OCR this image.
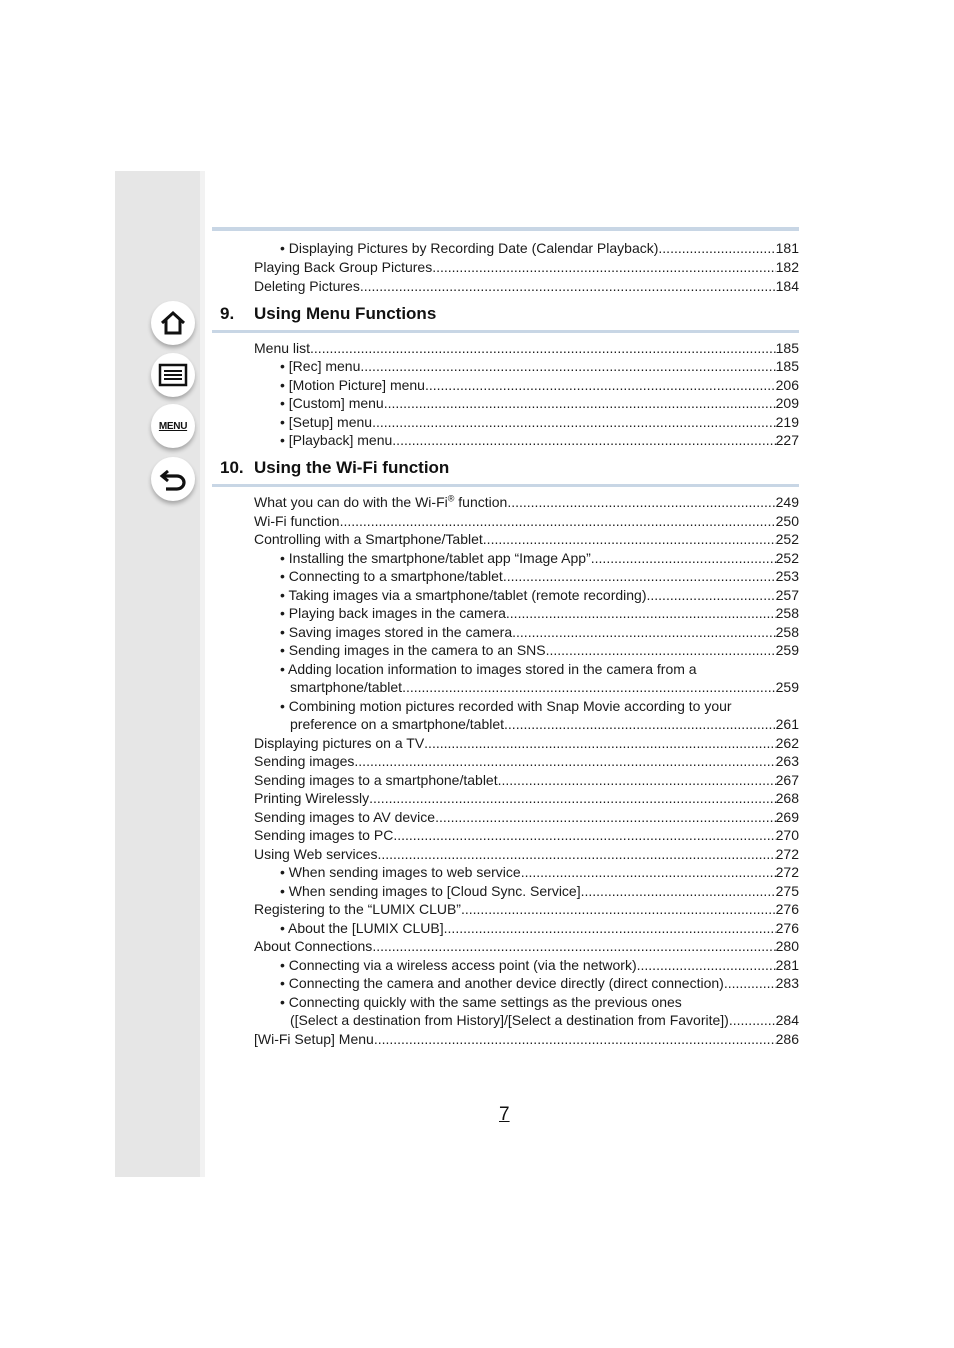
MENU
• Displaying Pictures by Recording Date (Calendar Playback) .....	181
Playing Back Group Pictures .....	182
Deleting Pictures .....	184
9. Using Menu Functions
Menu list .....	185
• [Rec] menu .....	185
• [Motion Picture] menu .....	206
• [Custom] menu .....	209
• [Setup] menu .....	219
• [Playback] menu .....	227
10. Using the Wi-Fi function
What you can do with the Wi-Fi® function .....	249
Wi-Fi function .....	250
Controlling with a Smartphone/Tablet .....	252
• Installing the smartphone/tablet app “Image App” .....	252
• Connecting to a smartphone/tablet .....	253
• Taking images via a smartphone/tablet (remote recording) .....	257
• Playing back images in the camera .....	258
• Saving images stored in the camera .....	258
• Sending images in the camera to an SNS .....	259
• Adding location information to images stored in the camera from a
smartphone/tablet .....	259
• Combining motion pictures recorded with Snap Movie according to your
preference on a smartphone/tablet .....	261
Displaying pictures on a TV .....	262
Sending images .....	263
Sending images to a smartphone/tablet .....	267
Printing Wirelessly .....	268
Sending images to AV device .....	269
Sending images to PC .....	270
Using Web services .....	272
• When sending images to web service .....	272
• When sending images to [Cloud Sync. Service] .....	275
Registering to the “LUMIX CLUB” .....	276
• About the [LUMIX CLUB] .....	276
About Connections .....	280
• Connecting via a wireless access point (via the network) .....	281
• Connecting the camera and another device directly (direct connection) .....	283
• Connecting quickly with the same settings as the previous ones
([Select a destination from History]/[Select a destination from Favorite]) .....	284
[Wi-Fi Setup] Menu .....	286
7
